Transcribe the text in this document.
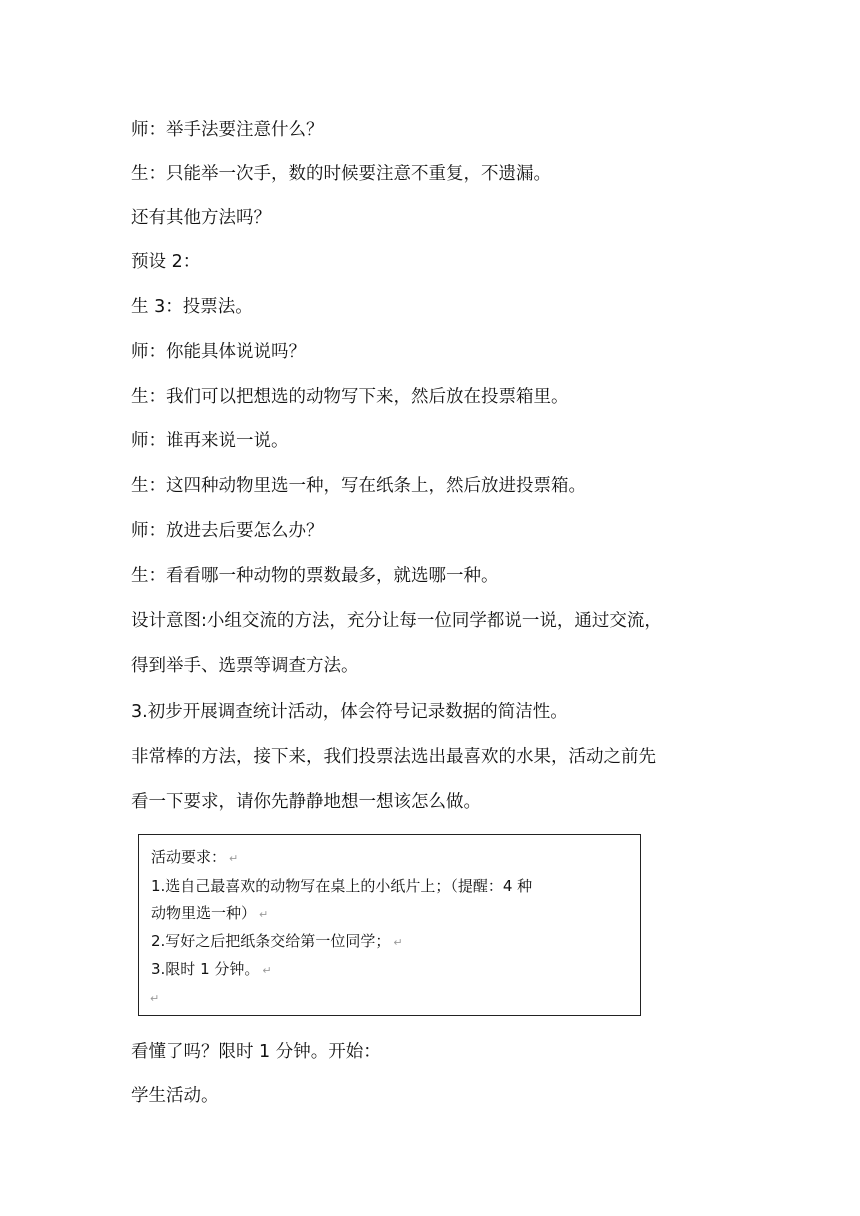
师：举手法要注意什么？

生：只能举一次手，数的时候要注意不重复，不遗漏。

还有其他方法吗？

预设 2：

生 3：投票法。

师：你能具体说说吗？

生：我们可以把想选的动物写下来，然后放在投票箱里。

师：谁再来说一说。

生：这四种动物里选一种，写在纸条上，然后放进投票箱。

师：放进去后要怎么办？

生：看看哪一种动物的票数最多，就选哪一种。

设计意图:小组交流的方法，充分让每一位同学都说一说，通过交流，

得到举手、选票等调查方法。

3.初步开展调查统计活动，体会符号记录数据的简洁性。

非常棒的方法，接下来，我们投票法选出最喜欢的水果，活动之前先

看一下要求，请你先静静地想一想该怎么做。

活动要求： ↵

1.选自己最喜欢的动物写在桌上的小纸片上；（提醒：4 种

动物里选一种） ↵

2.写好之后把纸条交给第一位同学； ↵

3.限时 1 分钟。 ↵

↵

看懂了吗？限时 1 分钟。开始：

学生活动。
